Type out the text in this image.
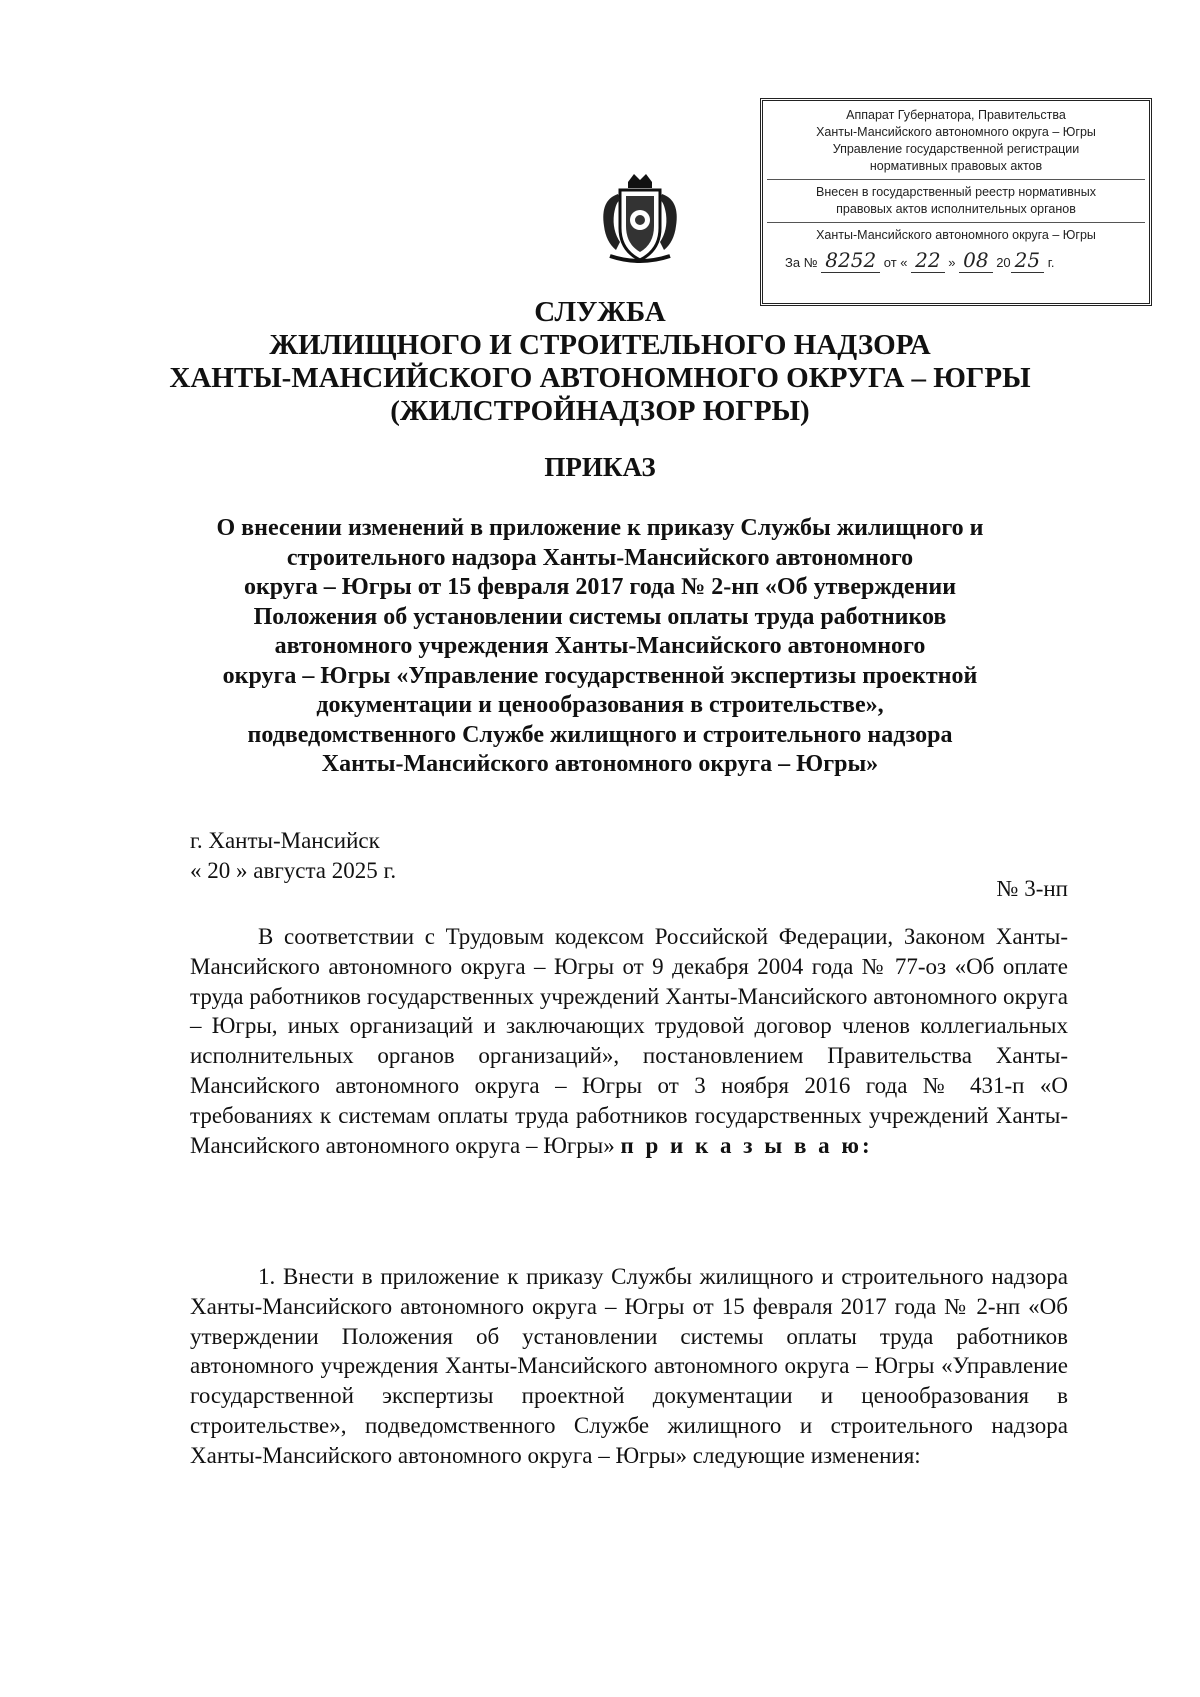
Аппарат Губернатора, Правительства
Ханты-Мансийского автономного округа – Югры
Управление государственной регистрации
нормативных правовых актов
Внесен в государственный реестр нормативных
правовых актов исполнительных органов
Ханты-Мансийского автономного округа – Югры
За № 8252 от « 22 » 08 20 25 г.
СЛУЖБА
ЖИЛИЩНОГО И СТРОИТЕЛЬНОГО НАДЗОРА
ХАНТЫ-МАНСИЙСКОГО АВТОНОМНОГО ОКРУГА – ЮГРЫ
(ЖИЛСТРОЙНАДЗОР ЮГРЫ)
ПРИКАЗ
О внесении изменений в приложение к приказу Службы жилищного и
строительного надзора Ханты-Мансийского автономного
округа – Югры от 15 февраля 2017 года № 2-нп «Об утверждении
Положения об установлении системы оплаты труда работников
автономного учреждения Ханты-Мансийского автономного
округа – Югры «Управление государственной экспертизы проектной
документации и ценообразования в строительстве»,
подведомственного Службе жилищного и строительного надзора
Ханты-Мансийского автономного округа – Югры»
г. Ханты-Мансийск
« 20 » августа 2025 г.
№ 3-нп
В соответствии с Трудовым кодексом Российской Федерации, Законом Ханты-Мансийского автономного округа – Югры от 9 декабря 2004 года № 77-оз «Об оплате труда работников государственных учреждений Ханты-Мансийского автономного округа – Югры, иных организаций и заключающих трудовой договор членов коллегиальных исполнительных органов организаций», постановлением Правительства Ханты-Мансийского автономного округа – Югры от 3 ноября 2016 года № 431-п «О требованиях к системам оплаты труда работников государственных учреждений Ханты-Мансийского автономного округа – Югры» п р и к а з ы в а ю:
1. Внести в приложение к приказу Службы жилищного и строительного надзора Ханты-Мансийского автономного округа – Югры от 15 февраля 2017 года № 2-нп «Об утверждении Положения об установлении системы оплаты труда работников автономного учреждения Ханты-Мансийского автономного округа – Югры «Управление государственной экспертизы проектной документации и ценообразования в строительстве», подведомственного Службе жилищного и строительного надзора Ханты-Мансийского автономного округа – Югры» следующие изменения:
